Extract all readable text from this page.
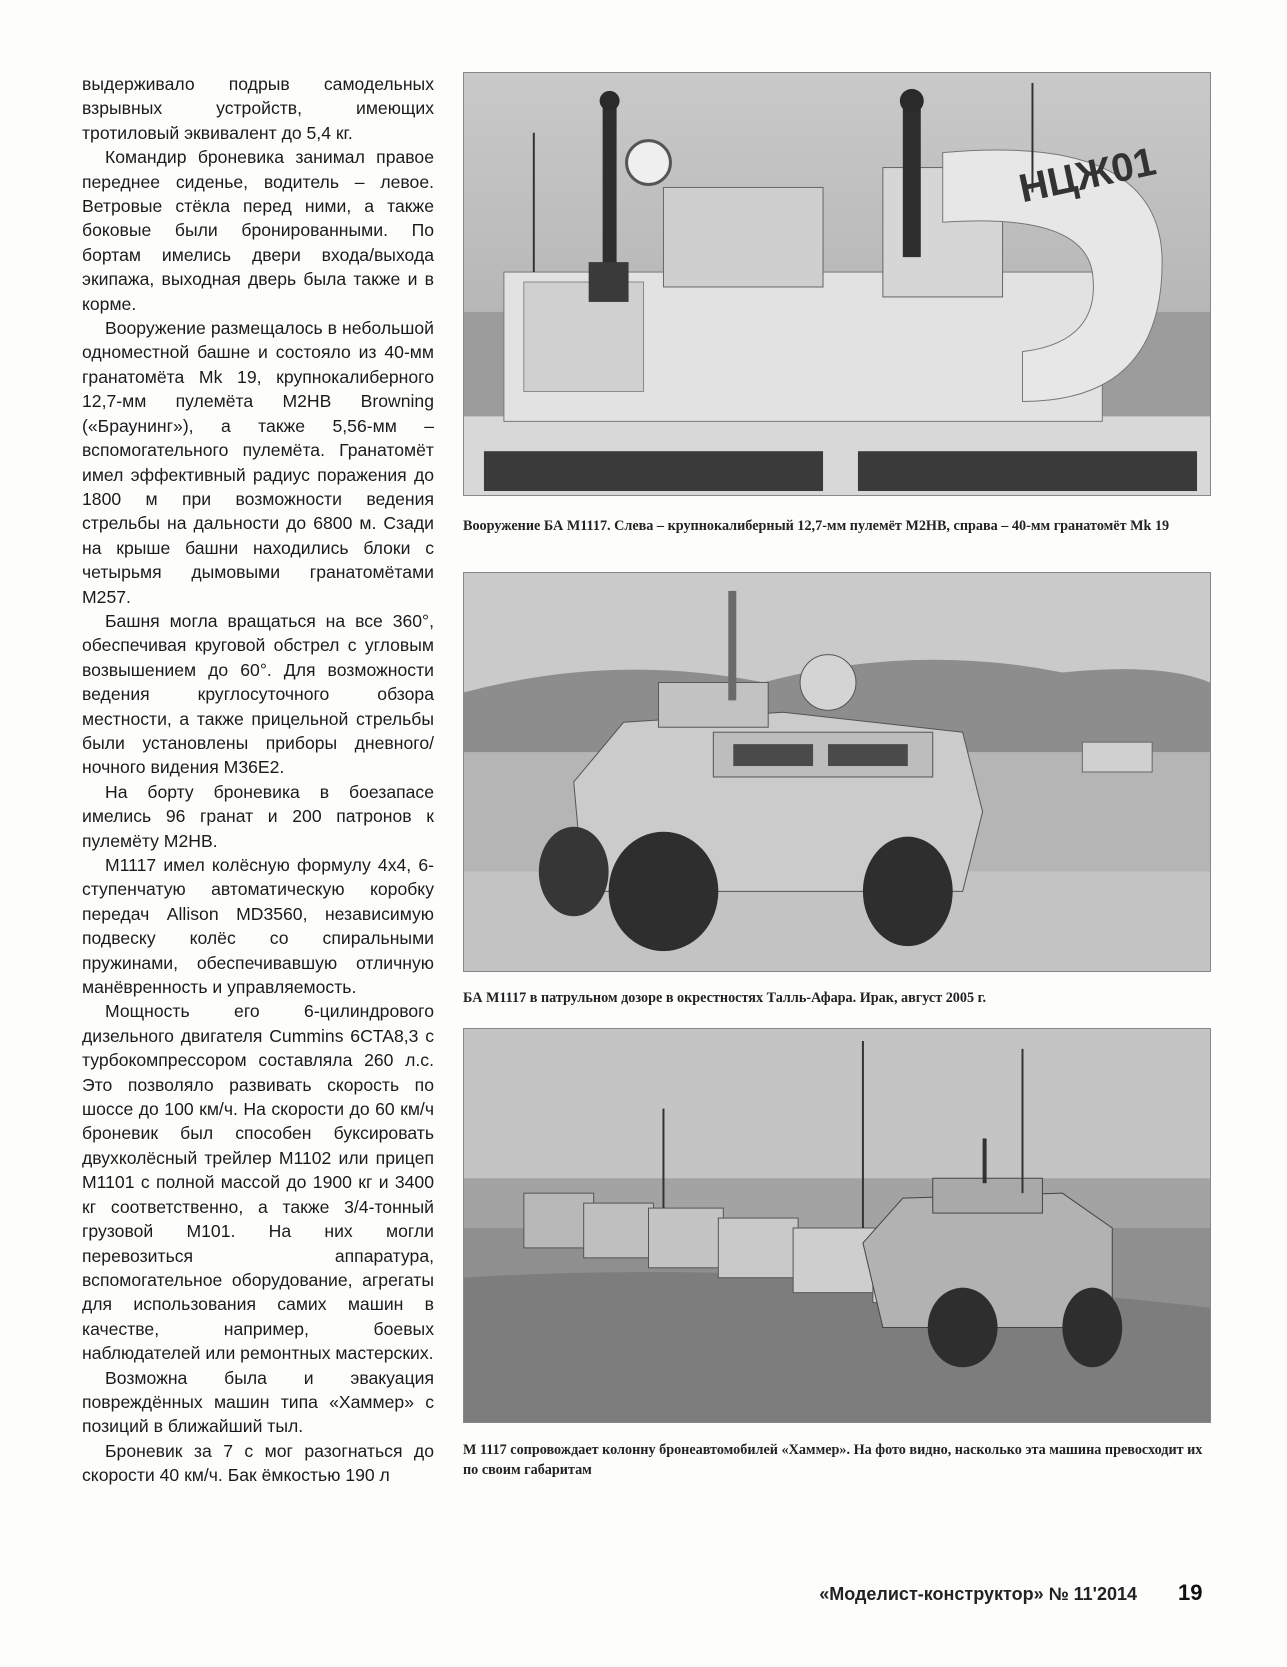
выдерживало подрыв самодельных взрывных устройств, имеющих тротиловый эквивалент до 5,4 кг.

Командир броневика занимал правое переднее сиденье, водитель – левое. Ветровые стёкла перед ними, а также боковые были бронированными. По бортам имелись двери входа/выхода экипажа, выходная дверь была также и в корме.

Вооружение размещалось в небольшой одноместной башне и состояло из 40-мм гранатомёта Mk 19, крупнокалиберного 12,7-мм пулемёта M2HB Browning («Браунинг»), а также 5,56-мм – вспомогательного пулемёта. Гранатомёт имел эффективный радиус поражения до 1800 м при возможности ведения стрельбы на дальности до 6800 м. Сзади на крыше башни находились блоки с четырьмя дымовыми гранатомётами M257.

Башня могла вращаться на все 360°, обеспечивая круговой обстрел с угловым возвышением до 60°. Для возможности ведения круглосуточного обзора местности, а также прицельной стрельбы были установлены приборы дневного/ночного видения M36E2.

На борту броневика в боезапасе имелись 96 гранат и 200 патронов к пулемёту M2HB.

M1117 имел колёсную формулу 4x4, 6-ступенчатую автоматическую коробку передач Allison MD3560, независимую подвеску колёс со спиральными пружинами, обеспечивавшую отличную манёвренность и управляемость.

Мощность его 6-цилиндрового дизельного двигателя Cummins 6CTA8,3 с турбокомпрессором составляла 260 л.с. Это позволяло развивать скорость по шоссе до 100 км/ч. На скорости до 60 км/ч броневик был способен буксировать двухколёсный трейлер M1102 или прицеп M1101 с полной массой до 1900 кг и 3400 кг соответственно, а также 3/4-тонный грузовой M101. На них могли перевозиться аппаратура, вспомогательное оборудование, агрегаты для использования самих машин в качестве, например, боевых наблюдателей или ремонтных мастерских.

Возможна была и эвакуация повреждённых машин типа «Хаммер» с позиций в ближайший тыл.

Броневик за 7 с мог разогнаться до скорости 40 км/ч. Бак ёмкостью 190 л

НЦЖ01
Вооружение БА M1117. Слева – крупнокалиберный 12,7-мм пулемёт M2HB, справа – 40-мм гранатомёт Mk 19
БА M1117 в патрульном дозоре в окрестностях Талль-Афара. Ирак, август 2005 г.
М 1117 сопровождает колонну бронеавтомобилей «Хаммер». На фото видно, насколько эта машина превосходит их по своим габаритам
«Моделист-конструктор» № 11'2014 19
